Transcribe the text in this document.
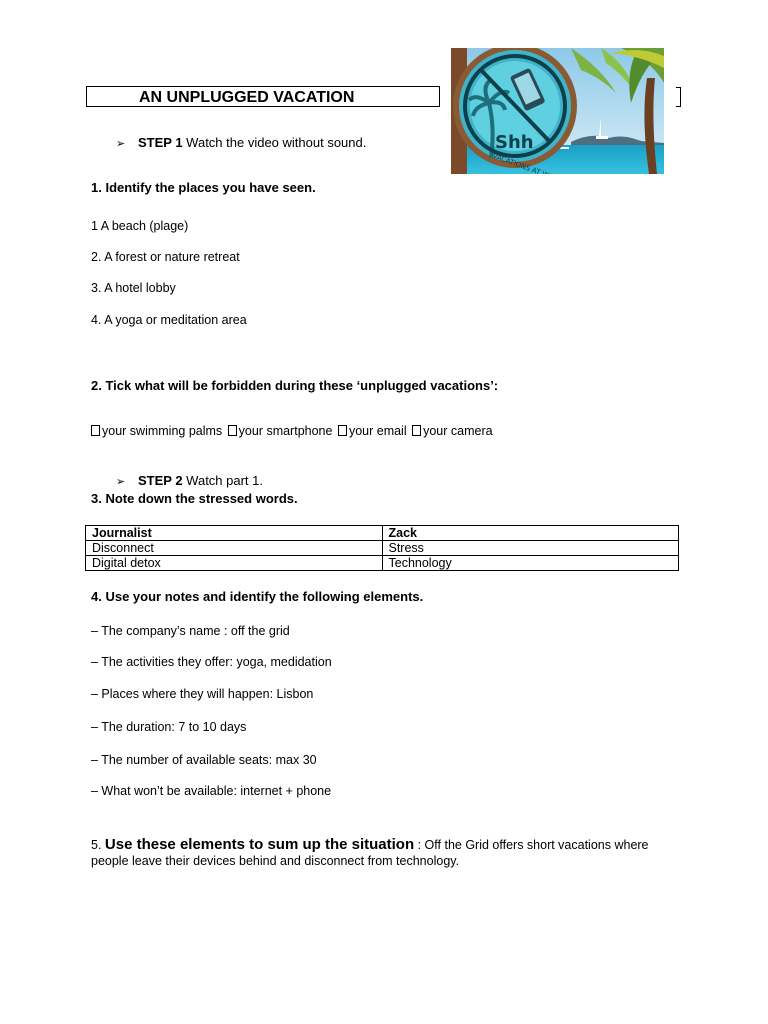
AN UNPLUGGED VACATION
Shh
➢ STEP 1 Watch the video without sound.
1. Identify the places you have seen.
1 A beach (plage)
2. A forest or nature retreat
3. A hotel lobby
4. A yoga or meditation area
2. Tick what will be forbidden during these ‘unplugged vacations’:
your swimming palms your smartphone your email your camera
➢ STEP 2 Watch part 1.
3. Note down the stressed words.
Journalist	Zack
Disconnect	Stress
Digital detox	Technology
4. Use your notes and identify the following elements.
– The company’s name : off the grid
– The activities they offer: yoga, medidation
– Places where they will happen: Lisbon
– The duration: 7 to 10 days
– The number of available seats: max 30
– What won’t be available: internet + phone
5. Use these elements to sum up the situation : Off the Grid offers short vacations where people leave their devices behind and disconnect from technology.
